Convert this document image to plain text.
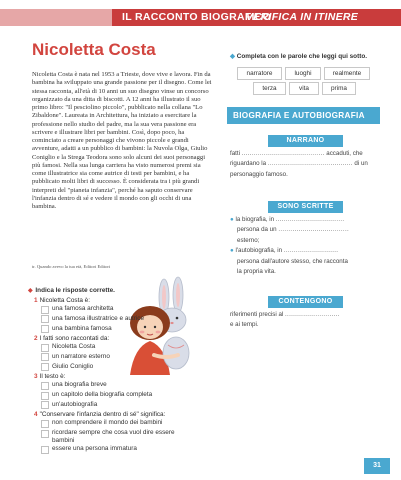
IL RACCONTO BIOGRAFICO
VERIFICA IN ITINERE
Nicoletta Costa

Nicoletta Costa è nata nel 1953 a Trieste, dove vive e lavora. Fin da bambina ha sviluppato una grande passione per il disegno. Come lei stessa racconta, all'età di 10 anni un suo disegno vinse un concorso organizzato da una ditta di biscotti. A 12 anni ha illustrato il suo primo libro: "Il pesciolino piccolo", pubblicato nella collana "Lo Zibaldone". Laureata in Architettura, ha iniziato a esercitare la professione nello studio del padre, ma la sua vera passione era scrivere e illustrare libri per bambini. Così, dopo poco, ha cominciato a creare personaggi che vivono piccole e grandi avventure, adatti a un pubblico di bambini: la Nuvola Olga, Giulio Coniglio e la Strega Teodora sono solo alcuni dei suoi personaggi più famosi. Nella sua lunga carriera ha visto numerosi premi sia come illustratrice sia come autrice di testi per bambini, e ha pubblicato molti libri di successo. È considerata tra i più grandi interpreti del "pianeta infanzia", perché ha saputo conservare l'infanzia dentro di sé e vedere il mondo con gli occhi di una bambina.

tr. Quando avevo la tua età, Editori Editori
◆ Indica le risposte corrette.
1 Nicoletta Costa è:
una famosa architetta
una famosa illustratrice e autrice
una bambina famosa
2 I fatti sono raccontati da:
Nicoletta Costa
un narratore esterno
Giulio Coniglio
3 Il testo è:
una biografia breve
un capitolo della biografia completa
un'autobiografia
4 "Conservare l'infanzia dentro di sé" significa:
non comprendere il mondo dei bambini
ricordare sempre che cosa vuol dire essere bambini
essere una persona immatura
◆ Completa con le parole che leggi qui sotto.
narratore	luoghi	realmente
terza	vita	prima
BIOGRAFIA E AUTOBIOGRAFIA
NARRANO
fatti ......................................... accaduti, che
riguardano la .......................................... di un
personaggio famoso.
SONO SCRITTE
● la biografia, in ..................................
persona da un ...................................
esterno;
● l'autobiografia, in ...........................
persona dall'autore stesso, che racconta
la propria vita.
CONTENGONO
riferimenti precisi al ...........................
e ai tempi.
31
